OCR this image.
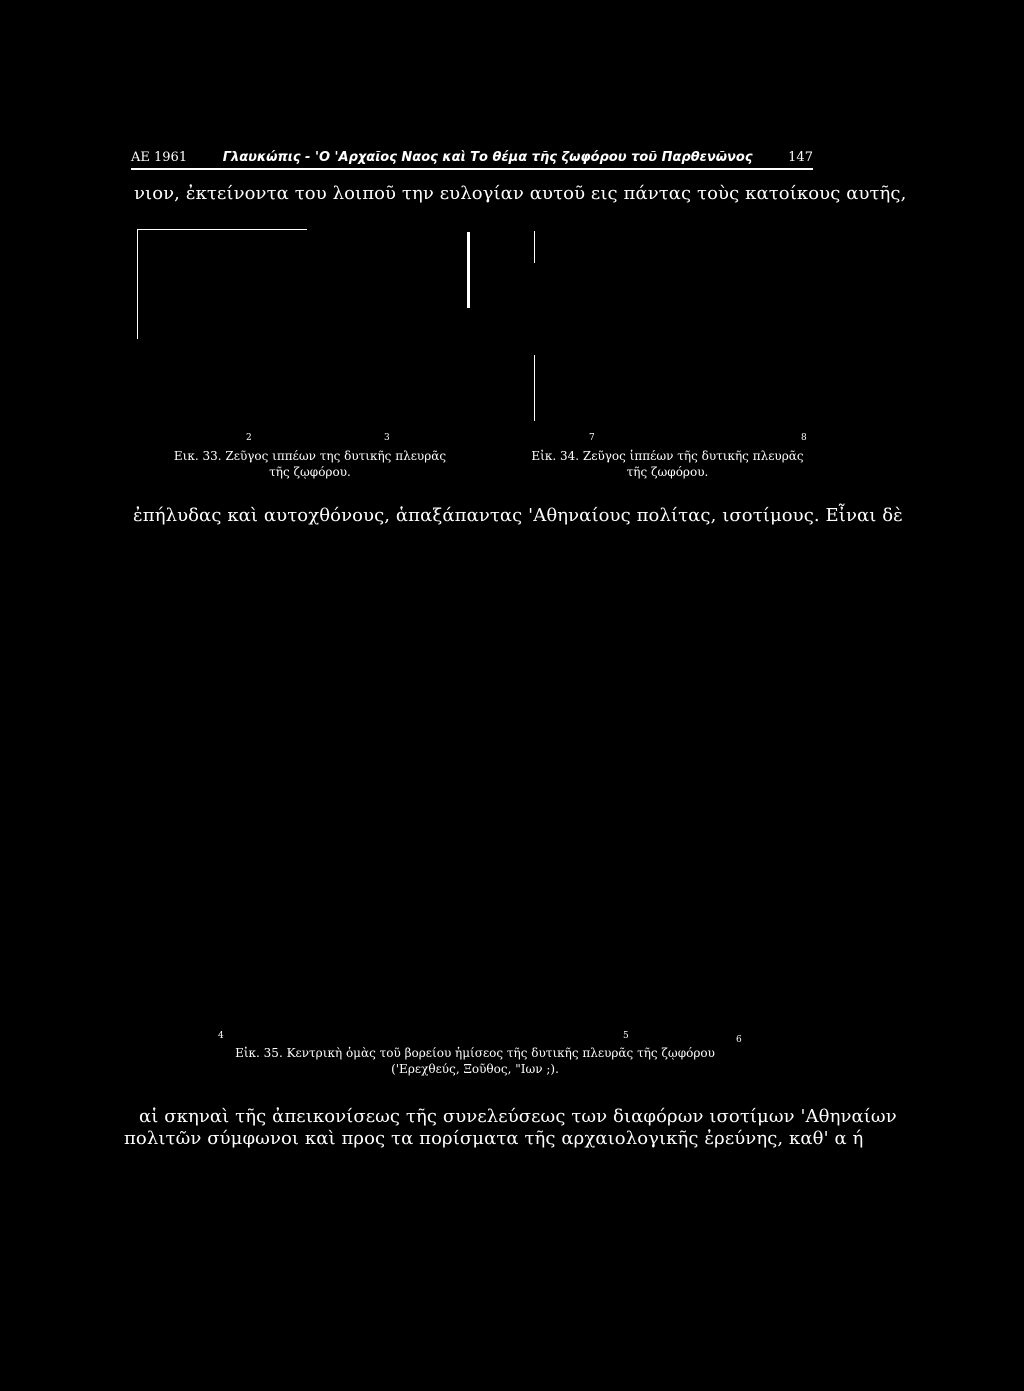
ΑΕ 1961	Γλαυκώπις - 'Ο 'Αρχαῖος Ναος καὶ Το θέμα τῆς ζωφόρου τοῦ Παρθενῶνος	147
νιον, ἐκτείνοντα του λοιποῦ την ευλογίαν αυτοῦ εις πάντας τοὺς κατοίκους αυτῆς,
2	3	7	8
Εικ. 33. Ζεῦγος ιππέων της δυτικῆς πλευρᾶς
τῆς ζῳφόρου.
Εἰκ. 34. Ζεῦγος ἱππέων τῆς δυτικῆς πλευρᾶς
τῆς ζωφόρου.
ἐπήλυδας καὶ αυτοχθόνους, ἁπαξάπαντας 'Αθηναίους πολίτας, ισοτίμους. Εἶναι δὲ
4	5	6
Εἰκ. 35. Κεντρικὴ ὁμὰς τοῦ βορείου ἡμίσεος τῆς δυτικῆς πλευρᾶς τῆς ζῳφόρου
('Ερεχθεύς, Ξοῦθος, "Ιων ;).
αἱ σκηναὶ τῆς ἀπεικονίσεως τῆς συνελεύσεως των διαφόρων ισοτίμων 'Αθηναίων
πολιτῶν σύμφωνοι καὶ προς τα πορίσματα τῆς αρχαιολογικῆς ἐρεύνης, καθ' α ή
